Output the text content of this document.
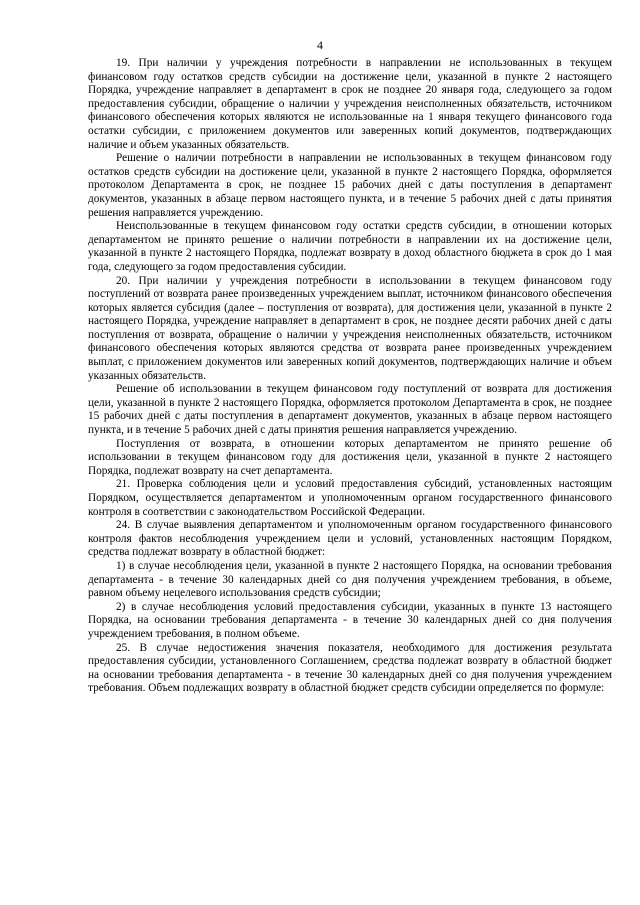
4

19. При наличии у учреждения потребности в направлении не использованных в текущем финансовом году остатков средств субсидии на достижение цели, указанной в пункте 2 настоящего Порядка, учреждение направляет в департамент в срок не позднее 20 января года, следующего за годом предоставления субсидии, обращение о наличии у учреждения неисполненных обязательств, источником финансового обеспечения которых являются не использованные на 1 января текущего финансового года остатки субсидии, с приложением документов или заверенных копий документов, подтверждающих наличие и объем указанных обязательств.

Решение о наличии потребности в направлении не использованных в текущем финансовом году остатков средств субсидии на достижение цели, указанной в пункте 2 настоящего Порядка, оформляется протоколом Департамента в срок, не позднее 15 рабочих дней с даты поступления в департамент документов, указанных в абзаце первом настоящего пункта, и в течение 5 рабочих дней с даты принятия решения направляется учреждению.

Неиспользованные в текущем финансовом году остатки средств субсидии, в отношении которых департаментом не принято решение о наличии потребности в направлении их на достижение цели, указанной в пункте 2 настоящего Порядка, подлежат возврату в доход областного бюджета в срок до 1 мая года, следующего за годом предоставления субсидии.

20. При наличии у учреждения потребности в использовании в текущем финансовом году поступлений от возврата ранее произведенных учреждением выплат, источником финансового обеспечения которых является субсидия (далее – поступления от возврата), для достижения цели, указанной в пункте 2 настоящего Порядка, учреждение направляет в департамент в срок, не позднее десяти рабочих дней с даты поступления от возврата, обращение о наличии у учреждения неисполненных обязательств, источником финансового обеспечения которых являются средства от возврата ранее произведенных учреждением выплат, с приложением документов или заверенных копий документов, подтверждающих наличие и объем указанных обязательств.

Решение об использовании в текущем финансовом году поступлений от возврата для достижения цели, указанной в пункте 2 настоящего Порядка, оформляется протоколом Департамента в срок, не позднее 15 рабочих дней с даты поступления в департамент документов, указанных в абзаце первом настоящего пункта, и в течение 5 рабочих дней с даты принятия решения направляется учреждению.

Поступления от возврата, в отношении которых департаментом не принято решение об использовании в текущем финансовом году для достижения цели, указанной в пункте 2 настоящего Порядка, подлежат возврату на счет департамента.

21. Проверка соблюдения цели и условий предоставления субсидий, установленных настоящим Порядком, осуществляется департаментом и уполномоченным органом государственного финансового контроля в соответствии с законодательством Российской Федерации.

24. В случае выявления департаментом и уполномоченным органом государственного финансового контроля фактов несоблюдения учреждением цели и условий, установленных настоящим Порядком, средства подлежат возврату в областной бюджет:

1) в случае несоблюдения цели, указанной в пункте 2 настоящего Порядка, на основании требования департамента - в течение 30 календарных дней со дня получения учреждением требования, в объеме, равном объему нецелевого использования средств субсидии;

2) в случае несоблюдения условий предоставления субсидии, указанных в пункте 13 настоящего Порядка, на основании требования департамента - в течение 30 календарных дней со дня получения учреждением требования, в полном объеме.

25. В случае недостижения значения показателя, необходимого для достижения результата предоставления субсидии, установленного Соглашением, средства подлежат возврату в областной бюджет на основании требования департамента - в течение 30 календарных дней со дня получения учреждением требования. Объем подлежащих возврату в областной бюджет средств субсидии определяется по формуле:
